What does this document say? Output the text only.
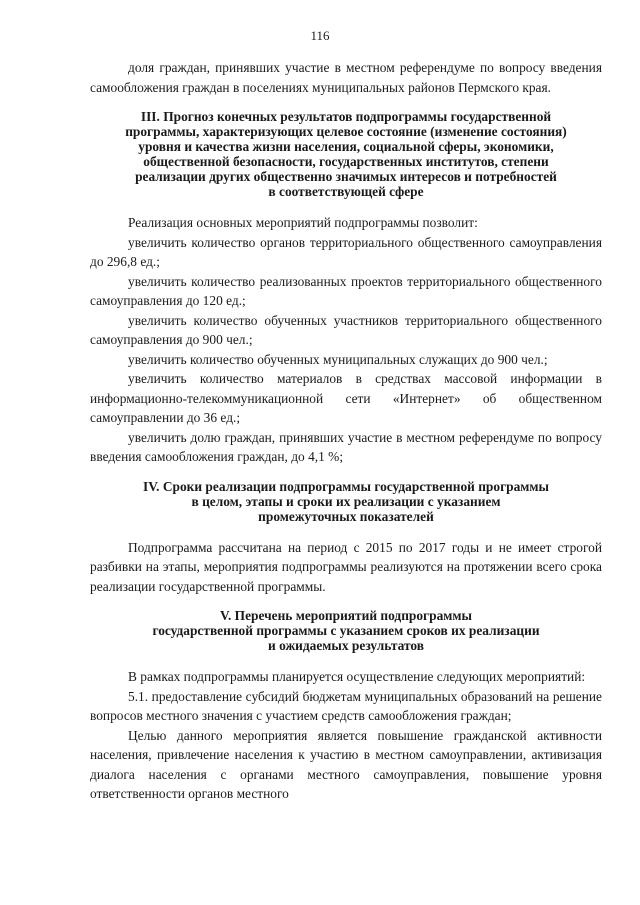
116

доля граждан, принявших участие в местном референдуме по вопросу введения самообложения граждан в поселениях муниципальных районов Пермского края.

III. Прогноз конечных результатов подпрограммы государственной
программы, характеризующих целевое состояние (изменение состояния)
уровня и качества жизни населения, социальной сферы, экономики,
общественной безопасности, государственных институтов, степени
реализации других общественно значимых интересов и потребностей
в соответствующей сфере

Реализация основных мероприятий подпрограммы позволит:

увеличить количество органов территориального общественного самоуправления до 296,8 ед.;

увеличить количество реализованных проектов территориального общественного самоуправления до 120 ед.;

увеличить количество обученных участников территориального общественного самоуправления до 900 чел.;

увеличить количество обученных муниципальных служащих до 900 чел.;

увеличить количество материалов в средствах массовой информации в информационно-телекоммуникационной сети «Интернет» об общественном самоуправлении до 36 ед.;

увеличить долю граждан, принявших участие в местном референдуме по вопросу введения самообложения граждан, до 4,1 %;

IV. Сроки реализации подпрограммы государственной программы
в целом, этапы и сроки их реализации с указанием
промежуточных показателей

Подпрограмма рассчитана на период с 2015 по 2017 годы и не имеет строгой разбивки на этапы, мероприятия подпрограммы реализуются на протяжении всего срока реализации государственной программы.

V. Перечень мероприятий подпрограммы
государственной программы с указанием сроков их реализации
и ожидаемых результатов

В рамках подпрограммы планируется осуществление следующих мероприятий:

5.1. предоставление субсидий бюджетам муниципальных образований на решение вопросов местного значения с участием средств самообложения граждан;

Целью данного мероприятия является повышение гражданской активности населения, привлечение населения к участию в местном самоуправлении, активизация диалога населения с органами местного самоуправления, повышение уровня ответственности органов местного
